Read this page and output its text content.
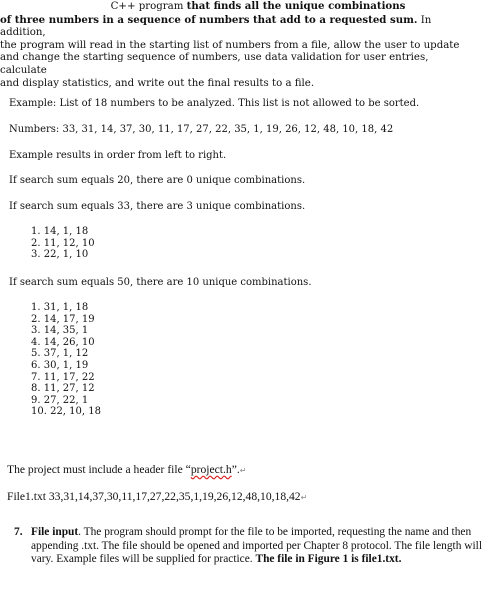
C++ program that finds all the unique combinations
of three numbers in a sequence of numbers that add to a requested sum. In addition,
the program will read in the starting list of numbers from a file, allow the user to update
and change the starting sequence of numbers, use data validation for user entries, calculate
and display statistics, and write out the final results to a file.
Example: List of 18 numbers to be analyzed. This list is not allowed to be sorted.
Numbers: 33, 31, 14, 37, 30, 11, 17, 27, 22, 35, 1, 19, 26, 12, 48, 10, 18, 42
Example results in order from left to right.
If search sum equals 20, there are 0 unique combinations.
If search sum equals 33, there are 3 unique combinations.
1. 14, 1, 18
2. 11, 12, 10
3. 22, 1, 10
If search sum equals 50, there are 10 unique combinations.
1. 31, 1, 18
2. 14, 17, 19
3. 14, 35, 1
4. 14, 26, 10
5. 37, 1, 12
6. 30, 1, 19
7. 11, 17, 22
8. 11, 27, 12
9. 27, 22, 1
10. 22, 10, 18
The project must include a header file “project.h”.↵
File1.txt 33,31,14,37,30,11,17,27,22,35,1,19,26,12,48,10,18,42↵
7. File input. The program should prompt for the file to be imported, requesting the name and then appending .txt. The file should be opened and imported per Chapter 8 protocol. The file length will vary. Example files will be supplied for practice. The file in Figure 1 is file1.txt.
